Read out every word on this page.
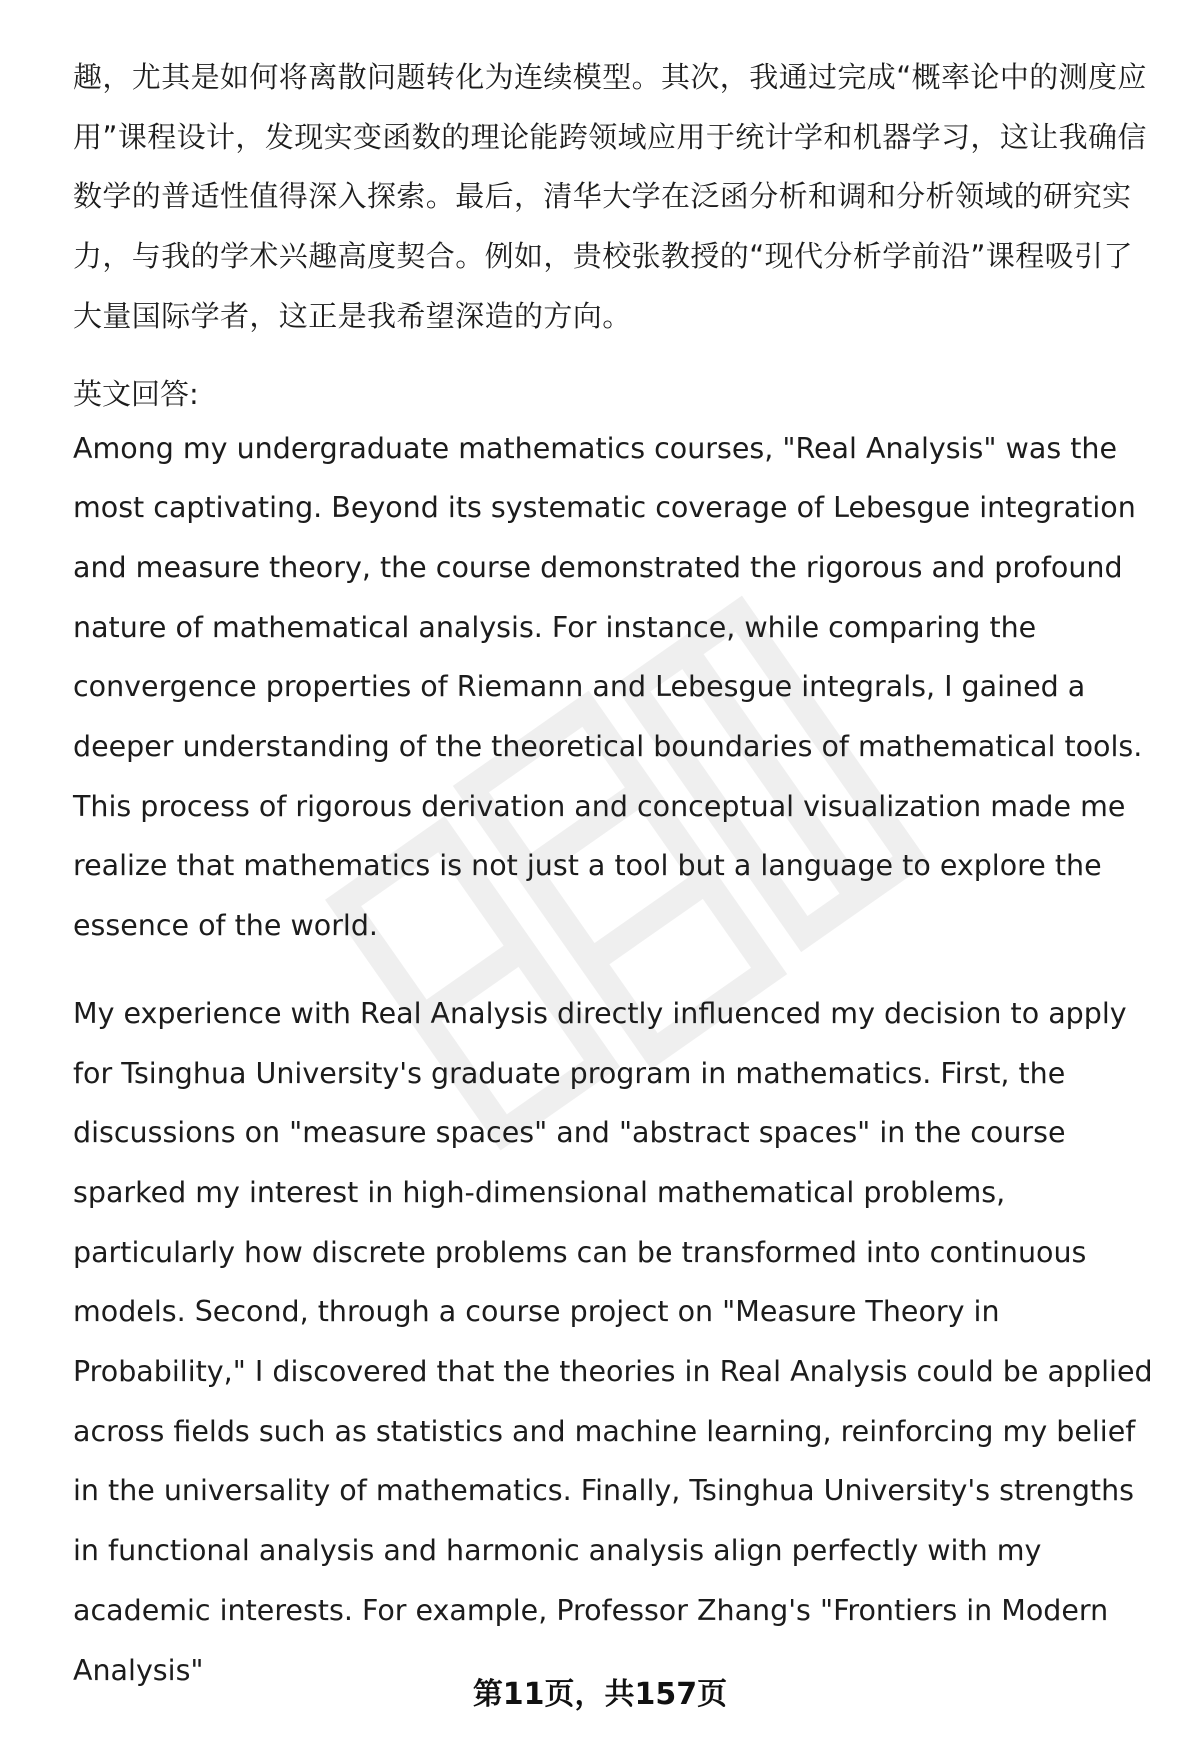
趣，尤其是如何将离散问题转化为连续模型。其次，我通过完成“概率论中的测度应用”课程设计，发现实变函数的理论能跨领域应用于统计学和机器学习，这让我确信数学的普适性值得深入探索。最后，清华大学在泛函分析和调和分析领域的研究实力，与我的学术兴趣高度契合。例如，贵校张教授的“现代分析学前沿”课程吸引了大量国际学者，这正是我希望深造的方向。

英文回答:

Among my undergraduate mathematics courses, "Real Analysis" was the most captivating. Beyond its systematic coverage of Lebesgue integration and measure theory, the course demonstrated the rigorous and profound nature of mathematical analysis. For instance, while comparing the convergence properties of Riemann and Lebesgue integrals, I gained a deeper understanding of the theoretical boundaries of mathematical tools. This process of rigorous derivation and conceptual visualization made me realize that mathematics is not just a tool but a language to explore the essence of the world.

My experience with Real Analysis directly influenced my decision to apply for Tsinghua University's graduate program in mathematics. First, the discussions on "measure spaces" and "abstract spaces" in the course sparked my interest in high-dimensional mathematical problems, particularly how discrete problems can be transformed into continuous models. Second, through a course project on "Measure Theory in Probability," I discovered that the theories in Real Analysis could be applied across fields such as statistics and machine learning, reinforcing my belief in the universality of mathematics. Finally, Tsinghua University's strengths in functional analysis and harmonic analysis align perfectly with my academic interests. For example, Professor Zhang's "Frontiers in Modern Analysis"

第11页，共157页
